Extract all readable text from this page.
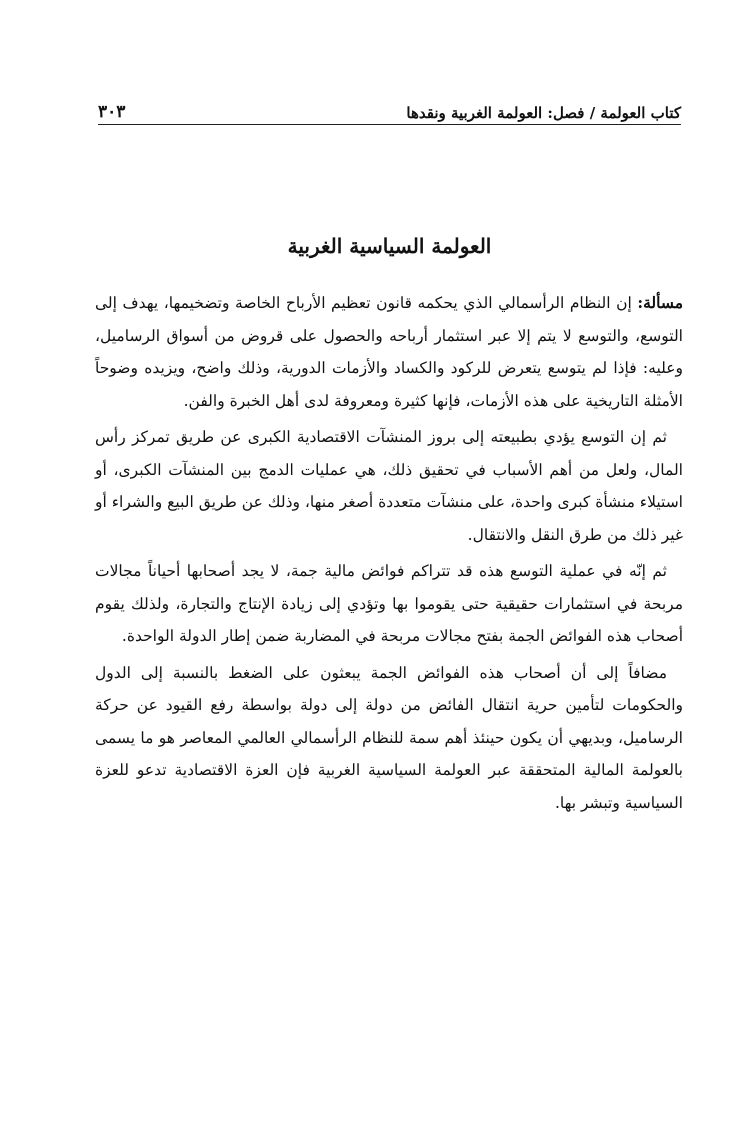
كتاب العولمة / فصل: العولمة الغربية ونقدها
٣٠٣
العولمة السياسية الغربية

مسألة: إن النظام الرأسمالي الذي يحكمه قانون تعظيم الأرباح الخاصة وتضخيمها، يهدف إلى التوسع، والتوسع لا يتم إلا عبر استثمار أرباحه والحصول على قروض من أسواق الرساميل، وعليه: فإذا لم يتوسع يتعرض للركود والكساد والأزمات الدورية، وذلك واضح، ويزيده وضوحاً الأمثلة التاريخية على هذه الأزمات، فإنها كثيرة ومعروفة لدى أهل الخبرة والفن.

ثم إن التوسع يؤدي بطبيعته إلى بروز المنشآت الاقتصادية الكبرى عن طريق تمركز رأس المال، ولعل من أهم الأسباب في تحقيق ذلك، هي عمليات الدمج بين المنشآت الكبرى، أو استيلاء منشأة كبرى واحدة، على منشآت متعددة أصغر منها، وذلك عن طريق البيع والشراء أو غير ذلك من طرق النقل والانتقال.

ثم إنّه في عملية التوسع هذه قد تتراكم فوائض مالية جمة، لا يجد أصحابها أحياناً مجالات مربحة في استثمارات حقيقية حتى يقوموا بها وتؤدي إلى زيادة الإنتاج والتجارة، ولذلك يقوم أصحاب هذه الفوائض الجمة بفتح مجالات مربحة في المضاربة ضمن إطار الدولة الواحدة.

مضافاً إلى أن أصحاب هذه الفوائض الجمة يبعثون على الضغط بالنسبة إلى الدول والحكومات لتأمين حرية انتقال الفائض من دولة إلى دولة بواسطة رفع القيود عن حركة الرساميل، وبديهي أن يكون حينئذ أهم سمة للنظام الرأسمالي العالمي المعاصر هو ما يسمى بالعولمة المالية المتحققة عبر العولمة السياسية الغربية فإن العزة الاقتصادية تدعو للعزة السياسية وتبشر بها.
